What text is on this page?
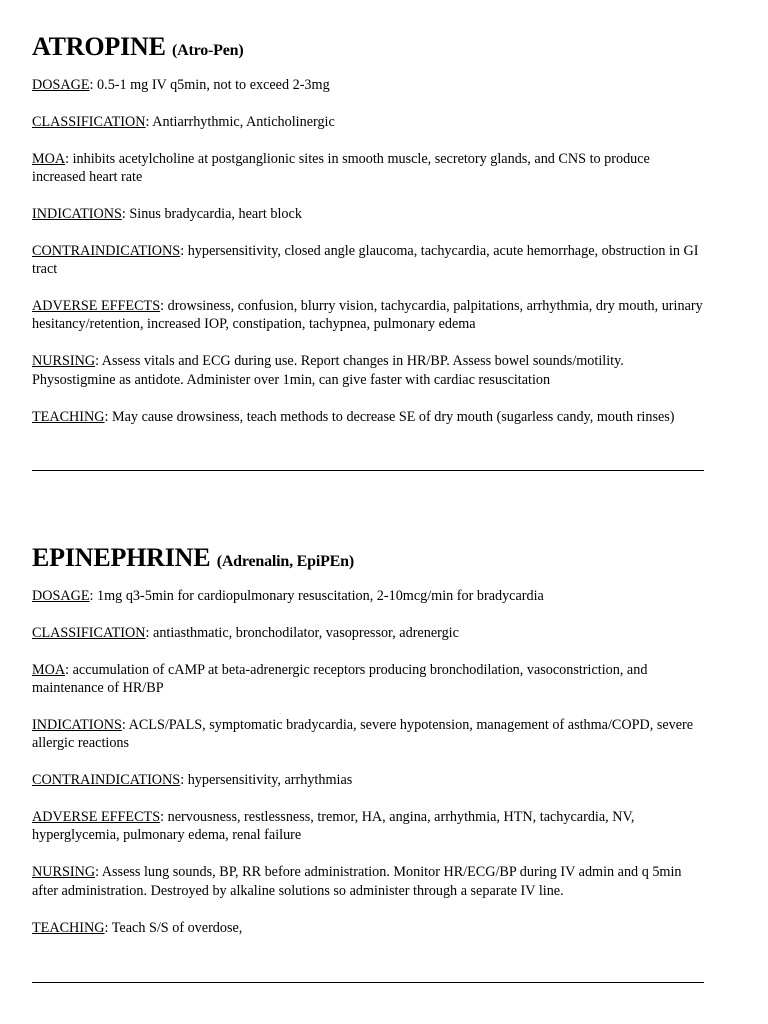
ATROPINE (Atro-Pen)

DOSAGE: 0.5-1 mg IV q5min, not to exceed 2-3mg

CLASSIFICATION: Antiarrhythmic, Anticholinergic

MOA: inhibits acetylcholine at postganglionic sites in smooth muscle, secretory glands, and CNS to produce increased heart rate

INDICATIONS: Sinus bradycardia, heart block

CONTRAINDICATIONS: hypersensitivity, closed angle glaucoma, tachycardia, acute hemorrhage, obstruction in GI tract

ADVERSE EFFECTS: drowsiness, confusion, blurry vision, tachycardia, palpitations, arrhythmia, dry mouth, urinary hesitancy/retention, increased IOP, constipation, tachypnea, pulmonary edema

NURSING: Assess vitals and ECG during use. Report changes in HR/BP. Assess bowel sounds/motility. Physostigmine as antidote. Administer over 1min, can give faster with cardiac resuscitation

TEACHING: May cause drowsiness, teach methods to decrease SE of dry mouth (sugarless candy, mouth rinses)

EPINEPHRINE (Adrenalin, EpiPEn)

DOSAGE: 1mg q3-5min for cardiopulmonary resuscitation, 2-10mcg/min for bradycardia

CLASSIFICATION: antiasthmatic, bronchodilator, vasopressor, adrenergic

MOA: accumulation of cAMP at beta-adrenergic receptors producing bronchodilation, vasoconstriction, and maintenance of HR/BP

INDICATIONS: ACLS/PALS, symptomatic bradycardia, severe hypotension, management of asthma/COPD, severe allergic reactions

CONTRAINDICATIONS: hypersensitivity, arrhythmias

ADVERSE EFFECTS: nervousness, restlessness, tremor, HA, angina, arrhythmia, HTN, tachycardia, NV, hyperglycemia, pulmonary edema, renal failure

NURSING: Assess lung sounds, BP, RR before administration. Monitor HR/ECG/BP during IV admin and q 5min after administration. Destroyed by alkaline solutions so administer through a separate IV line.

TEACHING: Teach S/S of overdose,
